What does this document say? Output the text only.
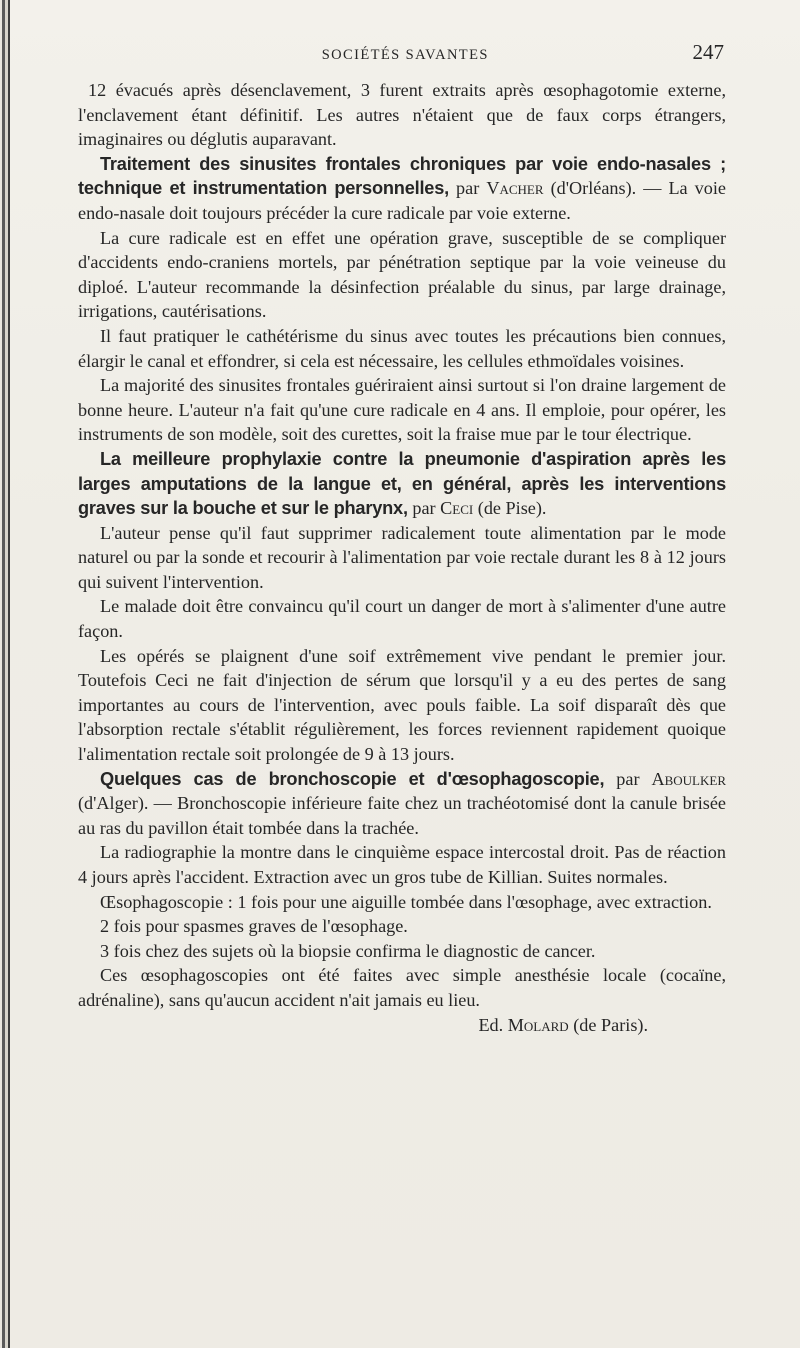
SOCIÉTÉS SAVANTES	247

12 évacués après désenclavement, 3 furent extraits après œsophagotomie externe, l'enclavement étant définitif. Les autres n'étaient que de faux corps étrangers, imaginaires ou déglutis auparavant.

Traitement des sinusites frontales chroniques par voie endo-nasales ; technique et instrumentation personnelles, par Vacher (d'Orléans). — La voie endo-nasale doit toujours précéder la cure radicale par voie externe.

La cure radicale est en effet une opération grave, susceptible de se compliquer d'accidents endo-craniens mortels, par pénétration septique par la voie veineuse du diploé. L'auteur recommande la désinfection préalable du sinus, par large drainage, irrigations, cautérisations.

Il faut pratiquer le cathétérisme du sinus avec toutes les précautions bien connues, élargir le canal et effondrer, si cela est nécessaire, les cellules ethmoïdales voisines.

La majorité des sinusites frontales guériraient ainsi surtout si l'on draine largement de bonne heure. L'auteur n'a fait qu'une cure radicale en 4 ans. Il emploie, pour opérer, les instruments de son modèle, soit des curettes, soit la fraise mue par le tour électrique.

La meilleure prophylaxie contre la pneumonie d'aspiration après les larges amputations de la langue et, en général, après les interventions graves sur la bouche et sur le pharynx, par Ceci (de Pise).

L'auteur pense qu'il faut supprimer radicalement toute alimentation par le mode naturel ou par la sonde et recourir à l'alimentation par voie rectale durant les 8 à 12 jours qui suivent l'intervention.

Le malade doit être convaincu qu'il court un danger de mort à s'alimenter d'une autre façon.

Les opérés se plaignent d'une soif extrêmement vive pendant le premier jour. Toutefois Ceci ne fait d'injection de sérum que lorsqu'il y a eu des pertes de sang importantes au cours de l'intervention, avec pouls faible. La soif disparaît dès que l'absorption rectale s'établit régulièrement, les forces reviennent rapidement quoique l'alimentation rectale soit prolongée de 9 à 13 jours.

Quelques cas de bronchoscopie et d'œsophagoscopie, par Aboulker (d'Alger). — Bronchoscopie inférieure faite chez un trachéotomisé dont la canule brisée au ras du pavillon était tombée dans la trachée.

La radiographie la montre dans le cinquième espace intercostal droit. Pas de réaction 4 jours après l'accident. Extraction avec un gros tube de Killian. Suites normales.

Œsophagoscopie : 1 fois pour une aiguille tombée dans l'œsophage, avec extraction.

2 fois pour spasmes graves de l'œsophage.

3 fois chez des sujets où la biopsie confirma le diagnostic de cancer.

Ces œsophagoscopies ont été faites avec simple anesthésie locale (cocaïne, adrénaline), sans qu'aucun accident n'ait jamais eu lieu.

Ed. Molard (de Paris).
